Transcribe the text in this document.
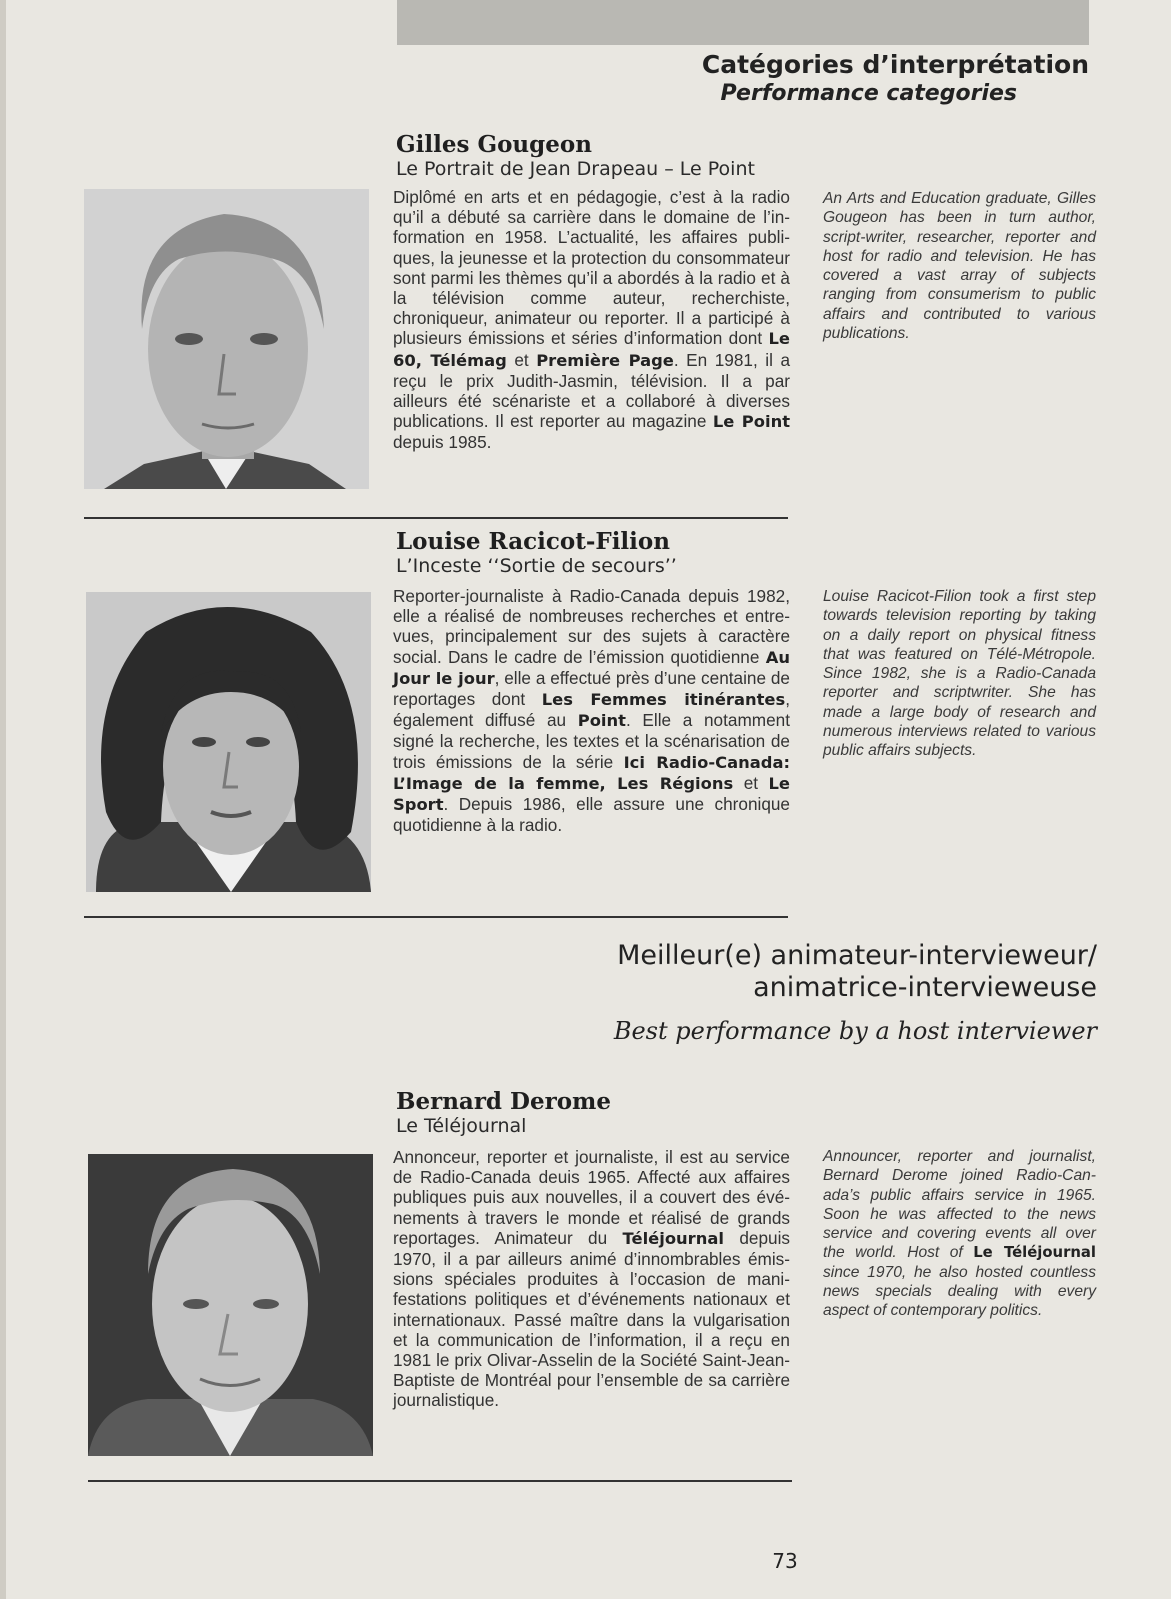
Catégories d’interprétation
Performance categories
Gilles Gougeon
Le Portrait de Jean Drapeau – Le Point

Diplômé en arts et en pédagogie, c’est à la radio qu’il a débuté sa carrière dans le domaine de l’information en 1958. L’actualité, les affaires publiques, la jeunesse et la protection du consommateur sont parmi les thèmes qu’il a abordés à la radio et à la télévision comme auteur, recherchiste, chroniqueur, animateur ou reporter. Il a participé à plusieurs émissions et séries d’information dont Le 60, Télémag et Première Page. En 1981, il a reçu le prix Judith-Jasmin, télévision. Il a par ailleurs été scénariste et a collaboré à diverses publications. Il est reporter au magazine Le Point depuis 1985.

An Arts and Education graduate, Gilles Gougeon has been in turn author, script-writer, researcher, reporter and host for radio and television. He has covered a vast array of subjects ranging from consumerism to public affairs and contributed to various publications.

Louise Racicot-Filion
L’Inceste ‘‘Sortie de secours’’

Reporter-journaliste à Radio-Canada depuis 1982, elle a réalisé de nombreuses recherches et entrevues, principalement sur des sujets à caractère social. Dans le cadre de l’émission quotidienne Au Jour le jour, elle a effectué près d’une centaine de reportages dont Les Femmes itinérantes, également diffusé au Point. Elle a notamment signé la recherche, les textes et la scénarisation de trois émissions de la série Ici Radio-Canada: L’Image de la femme, Les Régions et Le Sport. Depuis 1986, elle assure une chronique quotidienne à la radio.

Louise Racicot-Filion took a first step towards television reporting by taking on a daily report on physical fitness that was featured on Télé-Métropole. Since 1982, she is a Radio-Canada reporter and scriptwriter. She has made a large body of research and numerous interviews related to various public affairs subjects.

Meilleur(e) animateur-intervieweur/
animatrice-intervieweuse
Best performance by a host interviewer
Bernard Derome
Le Téléjournal

Annonceur, reporter et journaliste, il est au service de Radio-Canada deuis 1965. Affecté aux affaires publiques puis aux nouvelles, il a couvert des événements à travers le monde et réalisé de grands reportages. Animateur du Téléjournal depuis 1970, il a par ailleurs animé d’innombrables émissions spéciales produites à l’occasion de manifestations politiques et d’événements nationaux et internationaux. Passé maître dans la vulgarisation et la communication de l’information, il a reçu en 1981 le prix Olivar-Asselin de la Société Saint-Jean-Baptiste de Montréal pour l’ensemble de sa carrière journalistique.

Announcer, reporter and journalist, Bernard Derome joined Radio-Canada’s public affairs service in 1965. Soon he was affected to the news service and covering events all over the world. Host of Le Téléjournal since 1970, he also hosted countless news specials dealing with every aspect of contemporary politics.

73
